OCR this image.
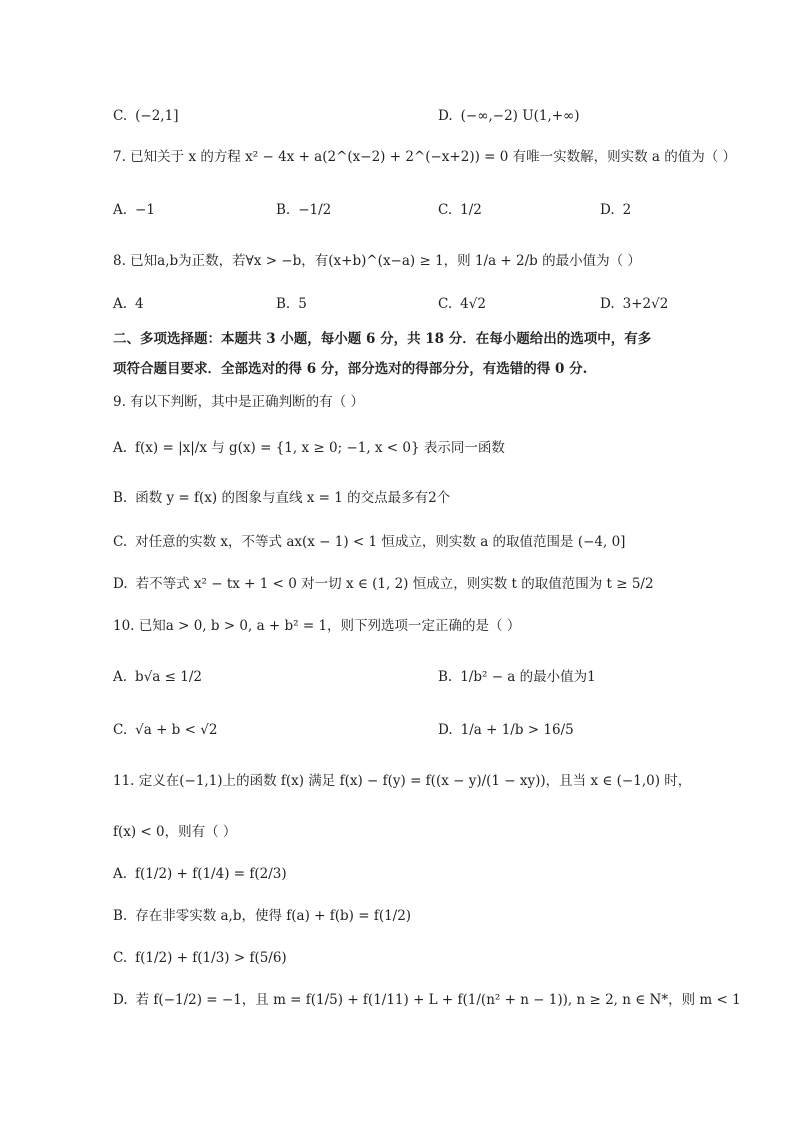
C. (−2,1]	D. (−∞,−2) U(1,+∞)
7. 已知关于 x 的方程 x² − 4x + a(2^(x−2) + 2^(−x+2)) = 0 有唯一实数解，则实数 a 的值为（ ）
A. −1	B. −1/2	C. 1/2	D. 2
8. 已知a,b为正数，若∀x > −b，有(x+b)^(x−a) ≥ 1，则 1/a + 2/b 的最小值为（ ）
A. 4	B. 5	C. 4√2	D. 3+2√2
二、多项选择题：本题共 3 小题，每小题 6 分，共 18 分．在每小题给出的选项中，有多
项符合题目要求．全部选对的得 6 分，部分选对的得部分分，有选错的得 0 分.
9. 有以下判断，其中是正确判断的有（ ）
A. f(x) = |x|/x 与 g(x) = {1, x ≥ 0; −1, x < 0} 表示同一函数
B. 函数 y = f(x) 的图象与直线 x = 1 的交点最多有2个
C. 对任意的实数 x，不等式 ax(x − 1) < 1 恒成立，则实数 a 的取值范围是 (−4, 0]
D. 若不等式 x² − tx + 1 < 0 对一切 x ∈ (1, 2) 恒成立，则实数 t 的取值范围为 t ≥ 5/2
10. 已知a > 0, b > 0, a + b² = 1，则下列选项一定正确的是（ ）
A. b√a ≤ 1/2	B. 1/b² − a 的最小值为1
C. √a + b < √2	D. 1/a + 1/b > 16/5
11. 定义在(−1,1)上的函数 f(x) 满足 f(x) − f(y) = f((x − y)/(1 − xy))，且当 x ∈ (−1,0) 时，
f(x) < 0，则有（ ）
A. f(1/2) + f(1/4) = f(2/3)
B. 存在非零实数 a,b，使得 f(a) + f(b) = f(1/2)
C. f(1/2) + f(1/3) > f(5/6)
D. 若 f(−1/2) = −1，且 m = f(1/5) + f(1/11) + L + f(1/(n² + n − 1)), n ≥ 2, n ∈ N*，则 m < 1
